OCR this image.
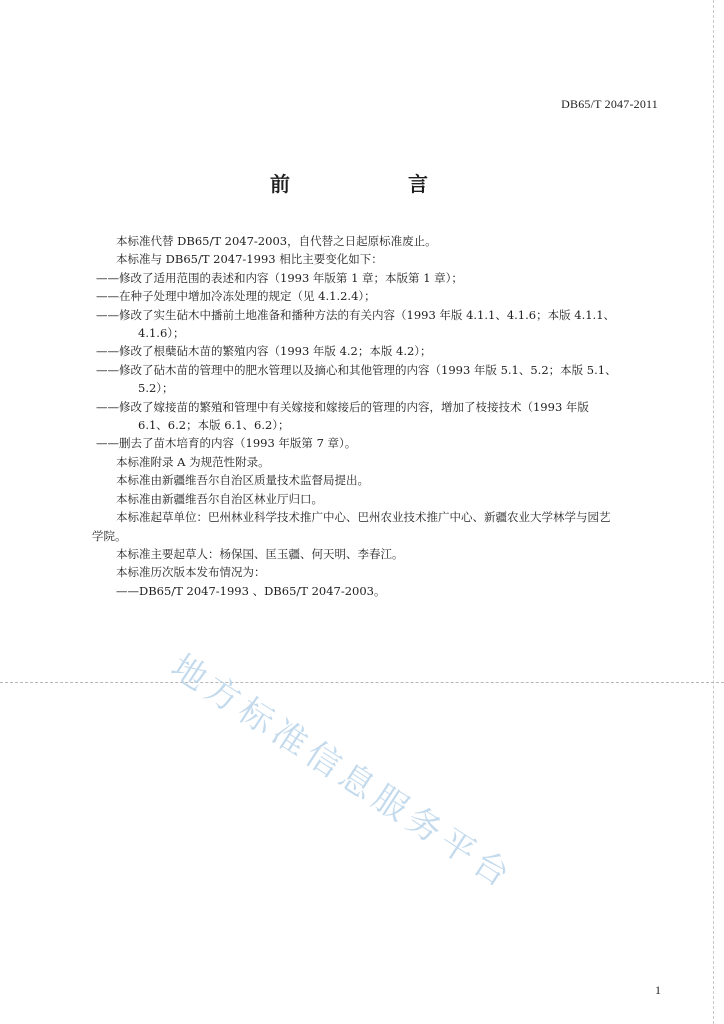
DB65/T 2047-2011
前　　言
本标准代替 DB65/T 2047-2003，自代替之日起原标准废止。
本标准与 DB65/T 2047-1993 相比主要变化如下：
——修改了适用范围的表述和内容（1993 年版第 1 章；本版第 1 章）；
——在种子处理中增加冷冻处理的规定（见 4.1.2.4）；
——修改了实生砧木中播前土地准备和播种方法的有关内容（1993 年版 4.1.1、4.1.6；本版 4.1.1、
4.1.6）；
——修改了根蘖砧木苗的繁殖内容（1993 年版 4.2；本版 4.2）；
——修改了砧木苗的管理中的肥水管理以及摘心和其他管理的内容（1993 年版 5.1、5.2；本版 5.1、
5.2）；
——修改了嫁接苗的繁殖和管理中有关嫁接和嫁接后的管理的内容，增加了枝接技术（1993 年版
6.1、6.2；本版 6.1、6.2）；
——删去了苗木培育的内容（1993 年版第 7 章）。
本标准附录 A 为规范性附录。
本标准由新疆维吾尔自治区质量技术监督局提出。
本标准由新疆维吾尔自治区林业厅归口。
本标准起草单位：巴州林业科学技术推广中心、巴州农业技术推广中心、新疆农业大学林学与园艺
学院。
本标准主要起草人：杨保国、匡玉疆、何天明、李春江。
本标准历次版本发布情况为：
——DB65/T 2047-1993 、DB65/T 2047-2003。
地方标准信息服务平台
1
